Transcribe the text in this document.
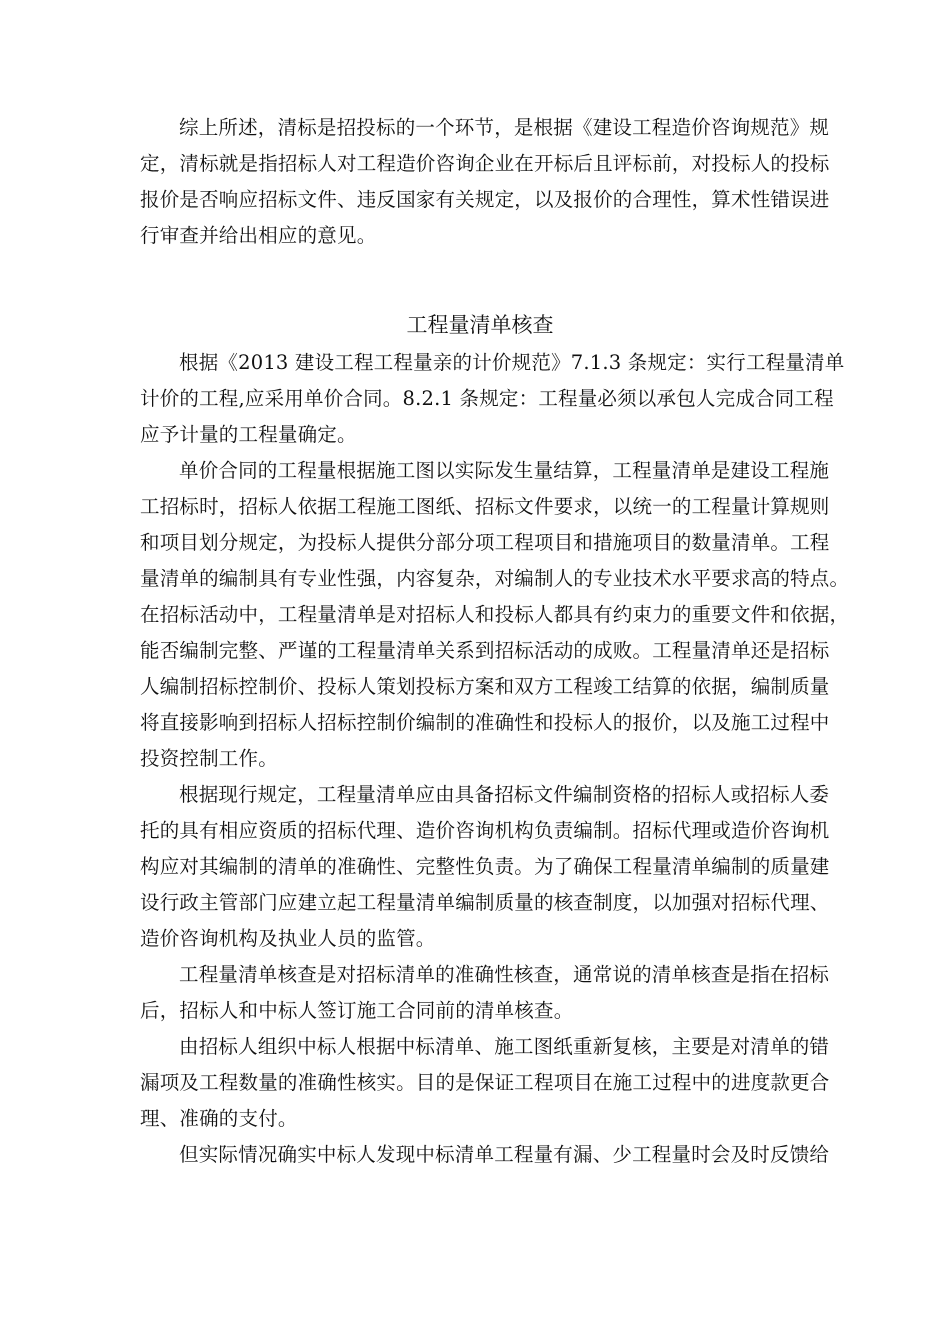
综上所述，清标是招投标的一个环节，是根据《建设工程造价咨询规范》规
定，清标就是指招标人对工程造价咨询企业在开标后且评标前，对投标人的投标
报价是否响应招标文件、违反国家有关规定，以及报价的合理性，算术性错误进
行审查并给出相应的意见。
工程量清单核查
根据《2013 建设工程工程量亲的计价规范》7.1.3 条规定：实行工程量清单
计价的工程,应采用单价合同。8.2.1 条规定：工程量必须以承包人完成合同工程
应予计量的工程量确定。
单价合同的工程量根据施工图以实际发生量结算，工程量清单是建设工程施
工招标时，招标人依据工程施工图纸、招标文件要求，以统一的工程量计算规则
和项目划分规定，为投标人提供分部分项工程项目和措施项目的数量清单。工程
量清单的编制具有专业性强，内容复杂，对编制人的专业技术水平要求高的特点。
在招标活动中，工程量清单是对招标人和投标人都具有约束力的重要文件和依据，
能否编制完整、严谨的工程量清单关系到招标活动的成败。工程量清单还是招标
人编制招标控制价、投标人策划投标方案和双方工程竣工结算的依据，编制质量
将直接影响到招标人招标控制价编制的准确性和投标人的报价，以及施工过程中
投资控制工作。
根据现行规定，工程量清单应由具备招标文件编制资格的招标人或招标人委
托的具有相应资质的招标代理、造价咨询机构负责编制。招标代理或造价咨询机
构应对其编制的清单的准确性、完整性负责。为了确保工程量清单编制的质量建
设行政主管部门应建立起工程量清单编制质量的核查制度，以加强对招标代理、
造价咨询机构及执业人员的监管。
工程量清单核查是对招标清单的准确性核查，通常说的清单核查是指在招标
后，招标人和中标人签订施工合同前的清单核查。
由招标人组织中标人根据中标清单、施工图纸重新复核，主要是对清单的错
漏项及工程数量的准确性核实。目的是保证工程项目在施工过程中的进度款更合
理、准确的支付。
但实际情况确实中标人发现中标清单工程量有漏、少工程量时会及时反馈给
